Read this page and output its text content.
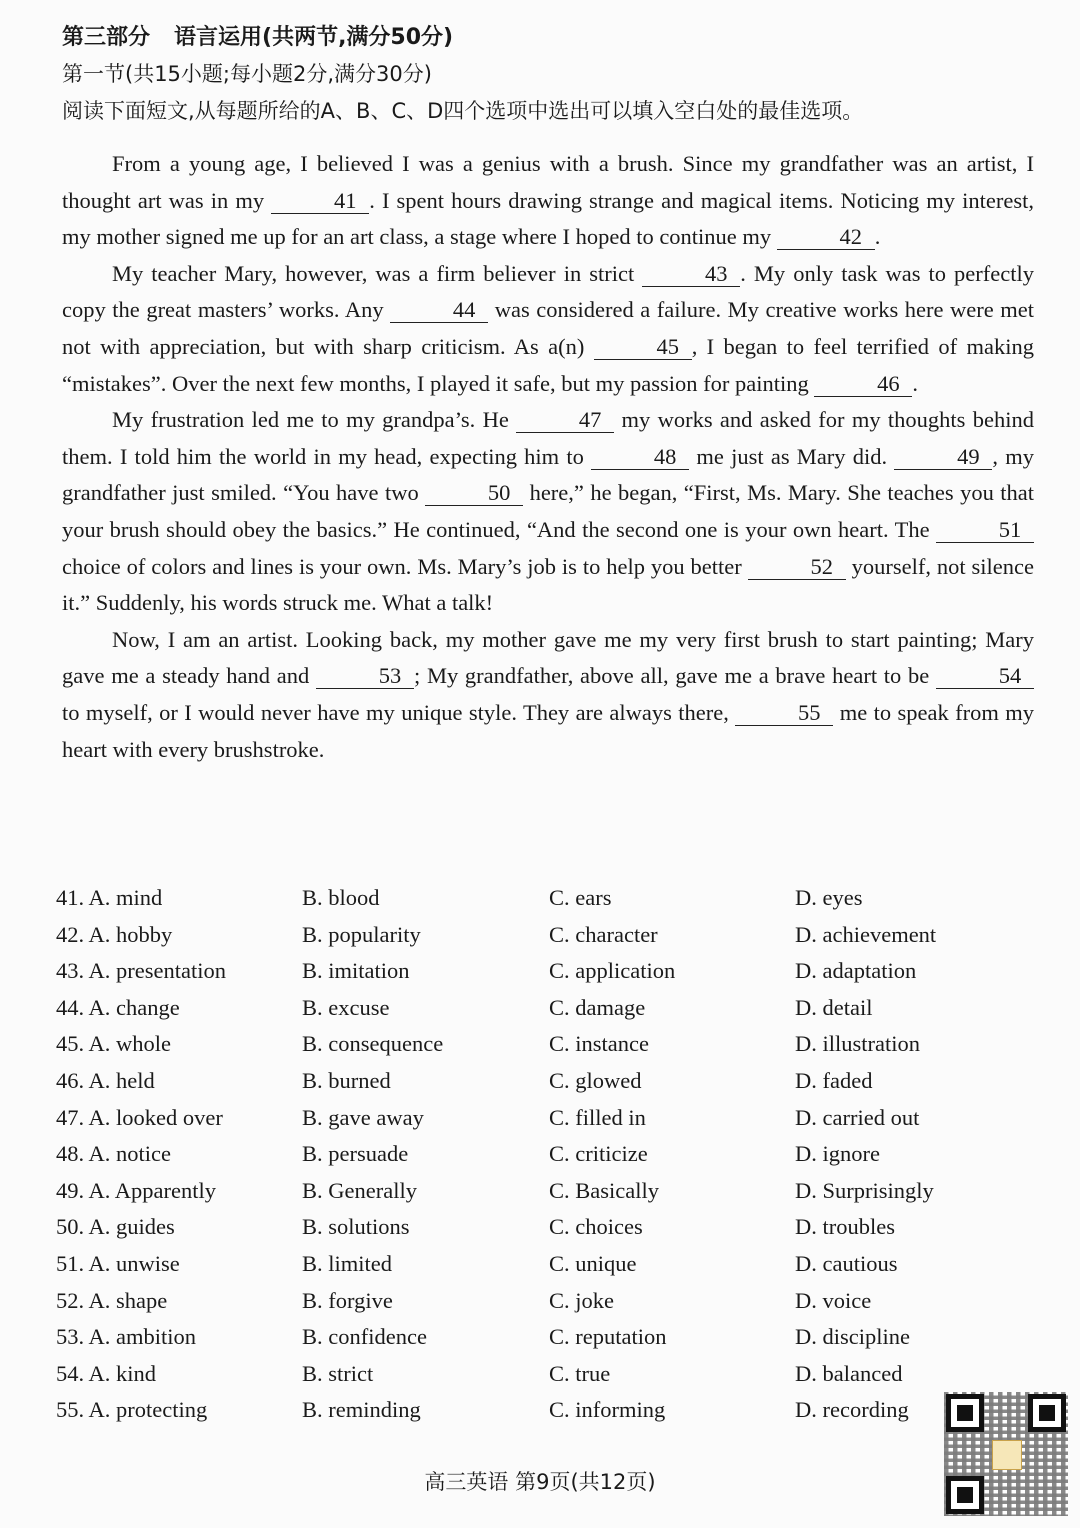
第三部分 语言运用(共两节,满分50分)
第一节(共15小题;每小题2分,满分30分)
阅读下面短文,从每题所给的A、B、C、D四个选项中选出可以填入空白处的最佳选项。

From a young age, I believed I was a genius with a brush. Since my grandfather was an artist, I thought art was in my	41 . I spent hours drawing strange and magical items. Noticing my interest, my mother signed me up for an art class, a stage where I hoped to continue my	42 .

My teacher Mary, however, was a firm believer in strict	43 . My only task was to perfectly copy the great masters’ works. Any	44 was considered a failure. My creative works here were met not with appreciation, but with sharp criticism. As a(n)	45 , I began to feel terrified of making “mistakes”. Over the next few months, I played it safe, but my passion for painting	46 .

My frustration led me to my grandpa’s. He	47 my works and asked for my thoughts behind them. I told him the world in my head, expecting him to	48 me just as Mary did.	49 , my grandfather just smiled. “You have two	50 here,” he began, “First, Ms. Mary. She teaches you that your brush should obey the basics.” He continued, “And the second one is your own heart. The	51 choice of colors and lines is your own. Ms. Mary’s job is to help you better	52 yourself, not silence it.” Suddenly, his words struck me. What a talk!

Now, I am an artist. Looking back, my mother gave me my very first brush to start painting; Mary gave me a steady hand and	53 ; My grandfather, above all, gave me a brave heart to be	54 to myself, or I would never have my unique style. They are always there,	55 me to speak from my heart with every brushstroke.

41. A. mind	B. blood	C. ears	D. eyes
42. A. hobby	B. popularity	C. character	D. achievement
43. A. presentation	B. imitation	C. application	D. adaptation
44. A. change	B. excuse	C. damage	D. detail
45. A. whole	B. consequence	C. instance	D. illustration
46. A. held	B. burned	C. glowed	D. faded
47. A. looked over	B. gave away	C. filled in	D. carried out
48. A. notice	B. persuade	C. criticize	D. ignore
49. A. Apparently	B. Generally	C. Basically	D. Surprisingly
50. A. guides	B. solutions	C. choices	D. troubles
51. A. unwise	B. limited	C. unique	D. cautious
52. A. shape	B. forgive	C. joke	D. voice
53. A. ambition	B. confidence	C. reputation	D. discipline
54. A. kind	B. strict	C. true	D. balanced
55. A. protecting	B. reminding	C. informing	D. recording
高三英语 第9页(共12页)
